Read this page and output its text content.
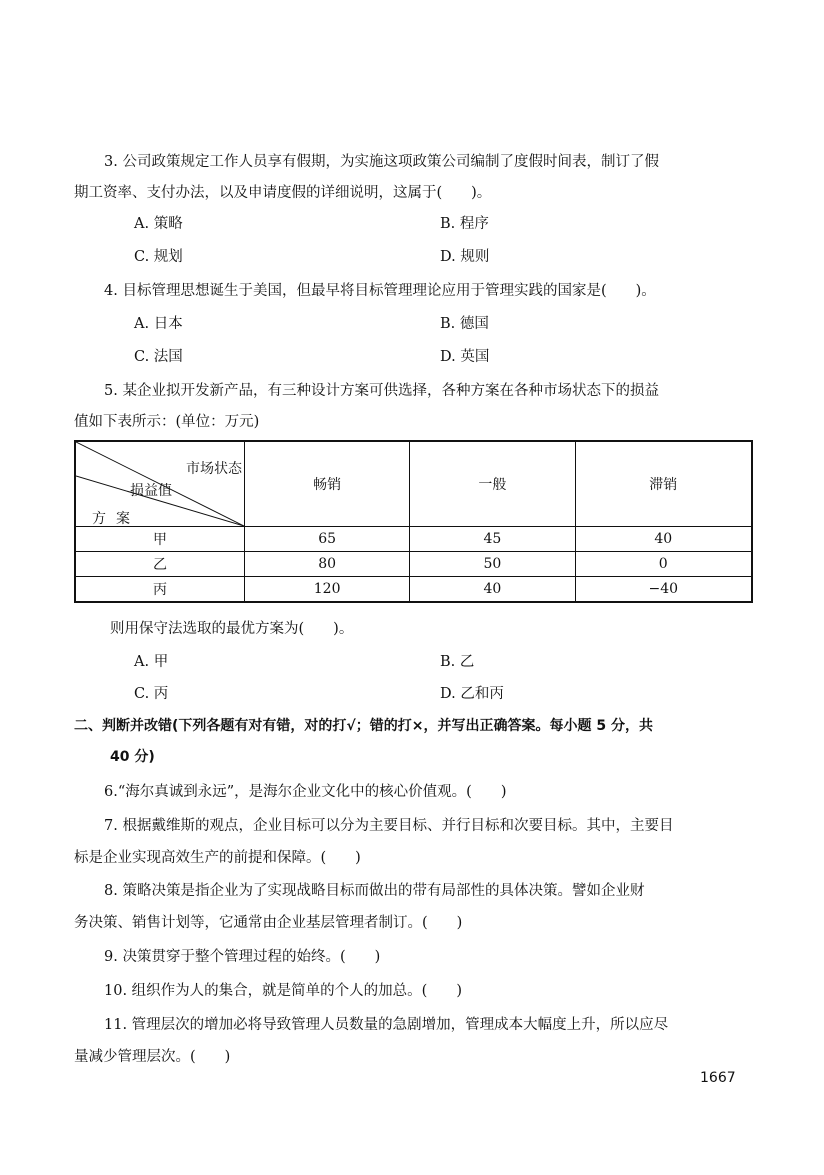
3. 公司政策规定工作人员享有假期，为实施这项政策公司编制了度假时间表，制订了假
期工资率、支付办法，以及申请度假的详细说明，这属于(　　)。
A. 策略	B. 程序
C. 规划	D. 规则
4. 目标管理思想诞生于美国，但最早将目标管理理论应用于管理实践的国家是(　　)。
A. 日本	B. 德国
C. 法国	D. 英国
5. 某企业拟开发新产品，有三种设计方案可供选择，各种方案在各种市场状态下的损益
值如下表所示：(单位：万元)
市场状态
损益值
方案	畅销	一般	滞销
甲	65	45	40
乙	80	50	0
丙	120	40	−40
则用保守法选取的最优方案为(　　)。
A. 甲	B. 乙
C. 丙	D. 乙和丙
二、判断并改错(下列各题有对有错，对的打√；错的打×，并写出正确答案。每小题 5 分，共
40 分)
6.“海尔真诚到永远”，是海尔企业文化中的核心价值观。(　　)
7. 根据戴维斯的观点，企业目标可以分为主要目标、并行目标和次要目标。其中，主要目
标是企业实现高效生产的前提和保障。(　　)
8. 策略决策是指企业为了实现战略目标而做出的带有局部性的具体决策。譬如企业财
务决策、销售计划等，它通常由企业基层管理者制订。(　　)
9. 决策贯穿于整个管理过程的始终。(　　)
10. 组织作为人的集合，就是简单的个人的加总。(　　)
11. 管理层次的增加必将导致管理人员数量的急剧增加，管理成本大幅度上升，所以应尽
量减少管理层次。(　　)
1667
